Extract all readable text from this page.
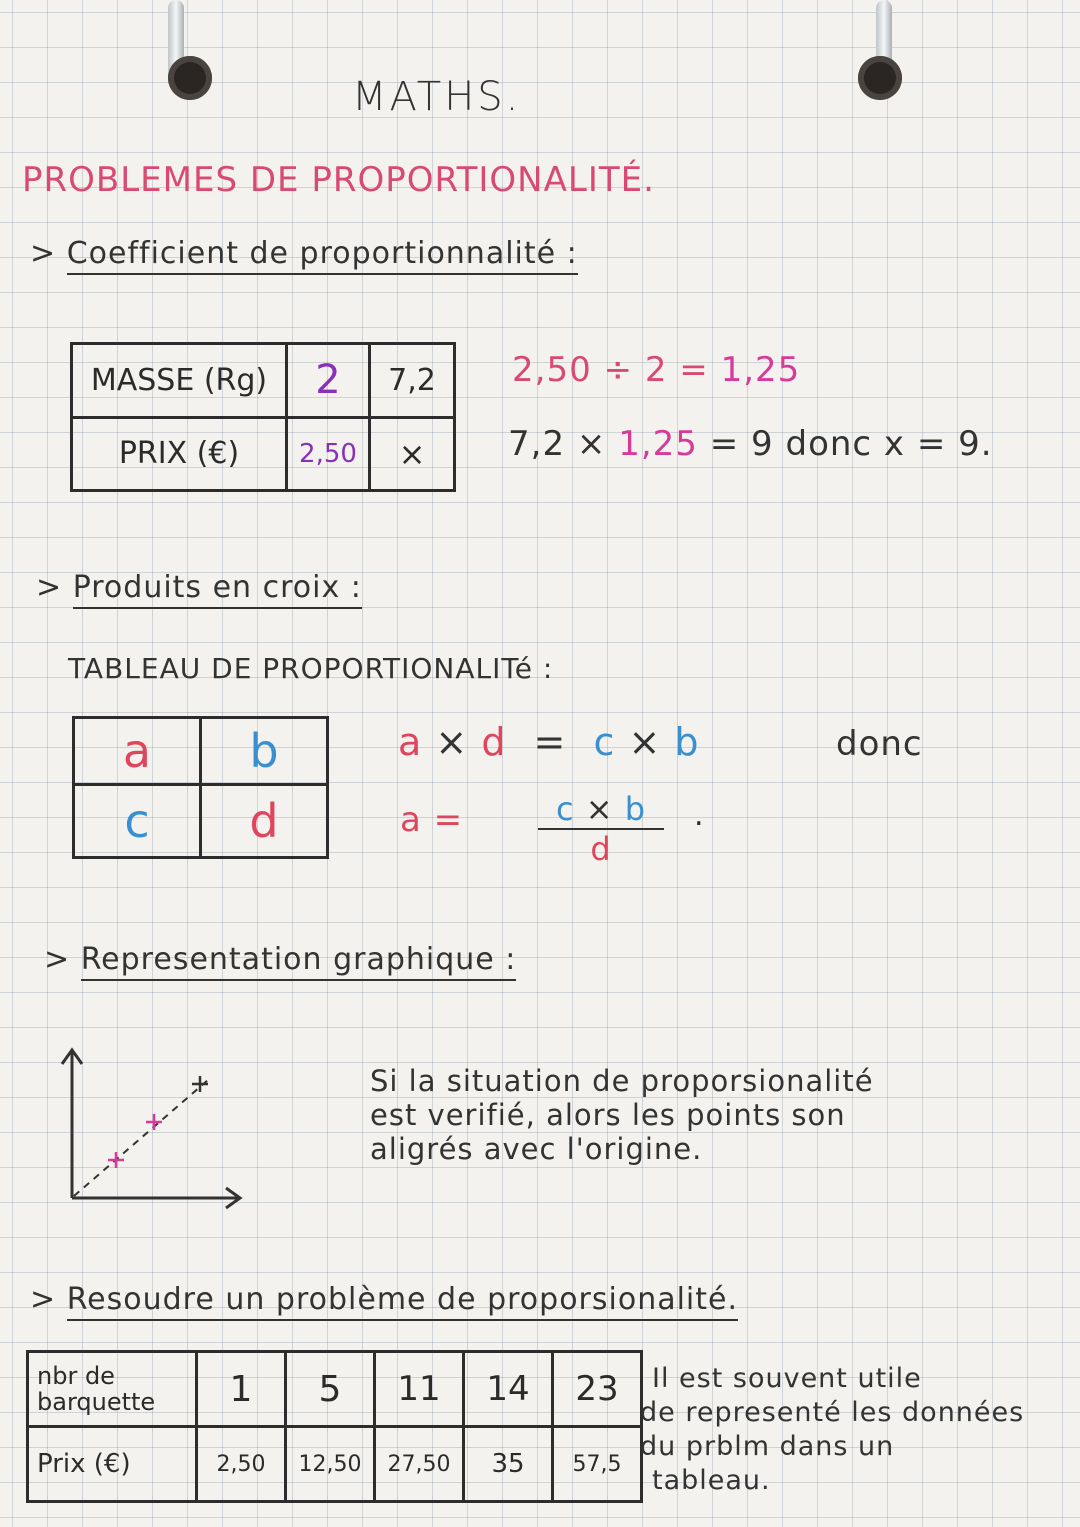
MATHS.
PROBLEMES DE PROPORTIONALITÉ.
> Coefficient de proportionnalité :
MASSE (Rg)	2	7,2
PRIX (€)	2,50	×
2,50 ÷ 2 = 1,25
7,2 × 1,25 = 9 donc x = 9.
> Produits en croix :
TABLEAU DE PROPORTIONALITé :
a	b
c	d
a × d = c × b	donc
a =	c × b
d
.
> Representation graphique :
Si la situation de proporsionalité
est verifié, alors les points son
aligrés avec l'origine.
> Resoudre un problème de proporsionalité.
nbr de
barquette	1	5	11	14	23
Prix (€)	2,50	12,50	27,50	35	57,5
Il est souvent utile
de representé les données
du prblm dans un
tableau.
